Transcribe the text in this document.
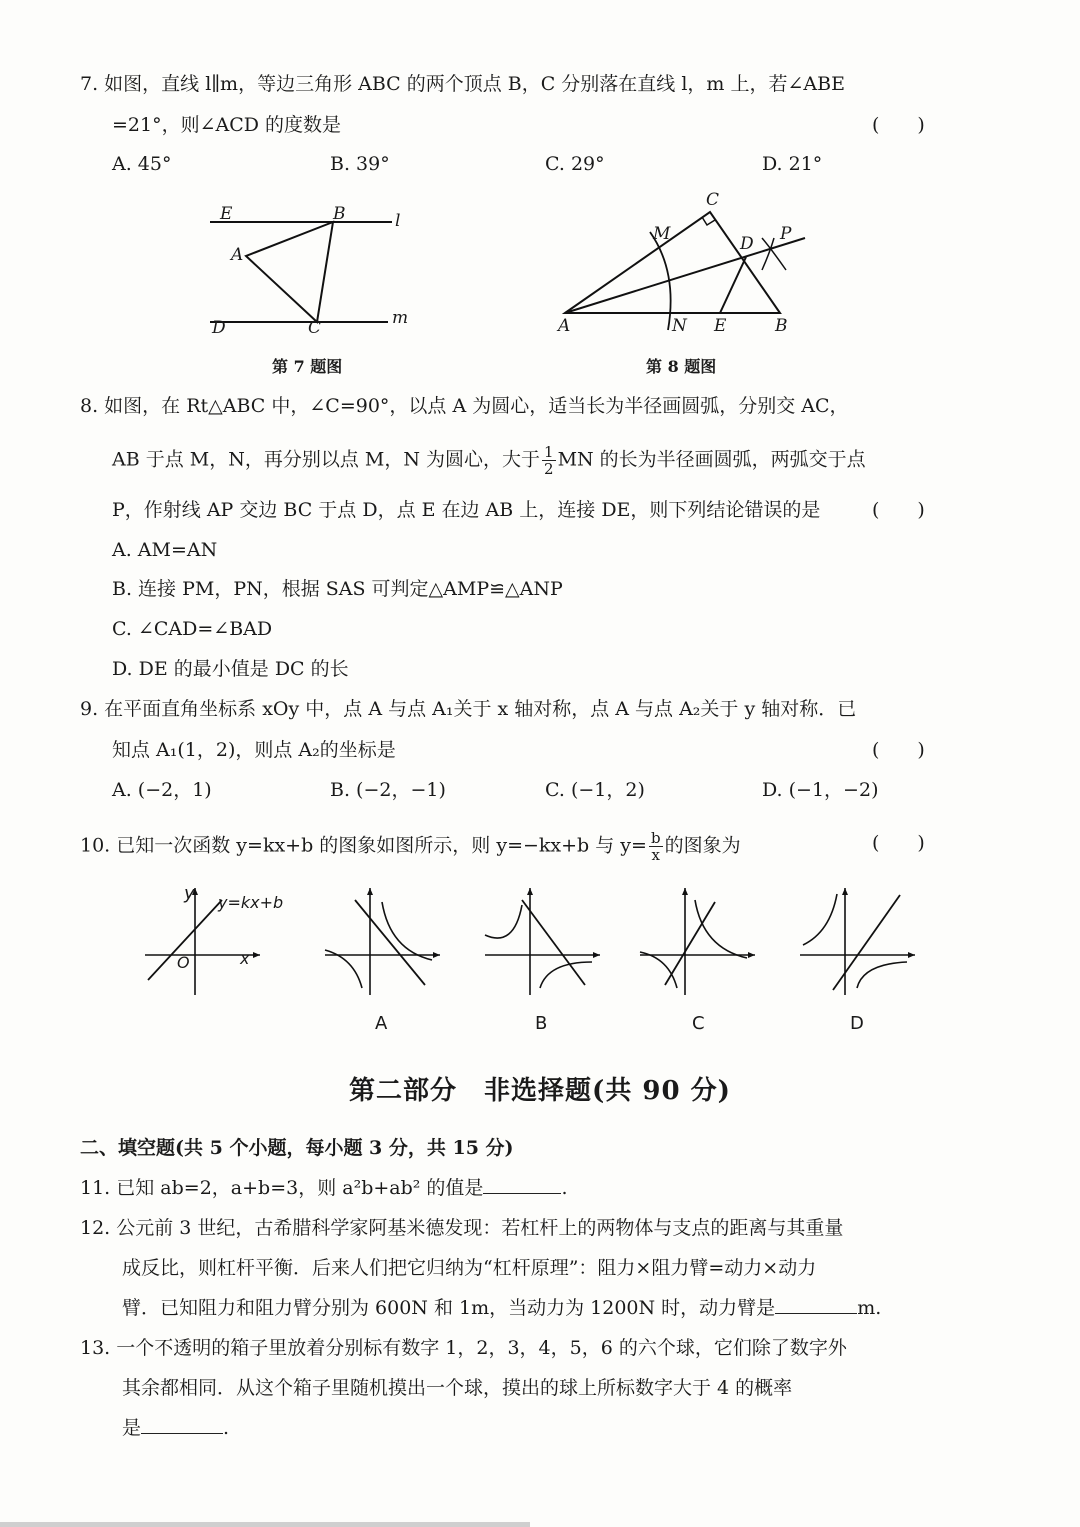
7. 如图，直线 l∥m，等边三角形 ABC 的两个顶点 B，C 分别落在直线 l，m 上，若∠ABE
=21°，则∠ACD 的度数是	(　　)
A. 45°	B. 39°	C. 29°	D. 21°
E	B	l
A
D	C	m
第 7 题图
C
M	D P
A	N E	B
第 8 题图
8. 如图，在 Rt△ABC 中，∠C=90°，以点 A 为圆心，适当长为半径画圆弧，分别交 AC，
AB 于点 M，N，再分别以点 M，N 为圆心，大于 $\frac{1}{2}$ MN 的长为半径画圆弧，两弧交于点
P，作射线 AP 交边 BC 于点 D，点 E 在边 AB 上，连接 DE，则下列结论错误的是	(　　)
A. AM=AN
B. 连接 PM，PN，根据 SAS 可判定△AMP≌△ANP
C. ∠CAD=∠BAD
D. DE 的最小值是 DC 的长
9. 在平面直角坐标系 xOy 中，点 A 与点 A₁关于 x 轴对称，点 A 与点 A₂关于 y 轴对称．已
知点 A₁(1，2)，则点 A₂的坐标是	(　　)
A. (−2，1)	B. (−2，−1)	C. (−1，2)	D. (−1，−2)
10. 已知一次函数 y=kx+b 的图象如图所示，则 y=−kx+b 与 $y= \frac{b}{x}$ 的图象为	(　　)
y y=kx+b
O	x
A	B	C	D
第二部分　非选择题(共 90 分)
二、填空题(共 5 个小题，每小题 3 分，共 15 分)
11. 已知 ab=2，a+b=3，则 a²b+ab² 的值是	.
12. 公元前 3 世纪，古希腊科学家阿基米德发现：若杠杆上的两物体与支点的距离与其重量
成反比，则杠杆平衡．后来人们把它归纳为“杠杆原理”：阻力×阻力臂=动力×动力
臂．已知阻力和阻力臂分别为 600N 和 1m，当动力为 1200N 时，动力臂是	m.
13. 一个不透明的箱子里放着分别标有数字 1，2，3，4，5，6 的六个球，它们除了数字外
其余都相同．从这个箱子里随机摸出一个球，摸出的球上所标数字大于 4 的概率
是	.
